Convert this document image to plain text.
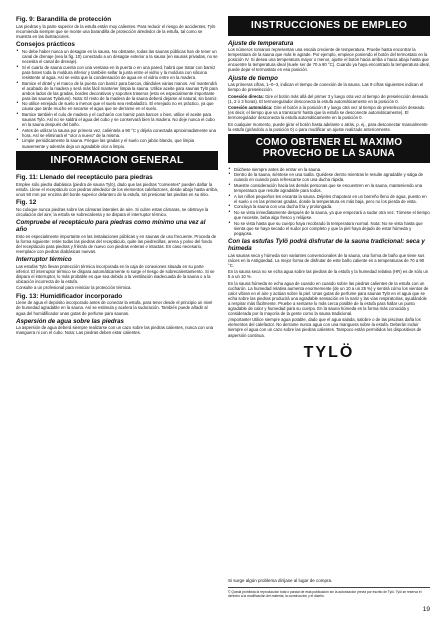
Fig. 9: Barandilla de protección

Las piedras y la parte superior de la estufa están muy calientes. Para reducir el riesgo de accidentes, Tylö recomienda siempre que se monte una barandilla de protección alrededor de la estufa, tal como se muestra en las ilustraciones.

Consejos prácticos
• No debe haber nunca un desagüe en la sauna. No obstante, todas las saunas públicas han de tener un canal de drenaje (vea la fig. 10) conectado a un desagüe exterior a la sauna (en saunas privadas, no se necesita el canal de drenaje).
• Si el cuarto de sauna cuenta con una ventana en la puerta o en una pared, habrá que tratar con barniz para botes toda la moldura inferior y también sellar la junta entre el vidrio y la moldura con silicona resistente al agua. Así se evita que la condensación de agua en el vidrio entre en la madera.
• Barnice el dintel y el marco de la puerta con barniz para barcos, dándoles varias manos. Así mantendrá el acabado de la madera y será más fácil mantener limpia la sauna. Utilice aceite para saunas Tylö para ambos lados de las gradas, bordes decorativos y soportes traseros (esto es especialmente importante para las saunas Tylarium). Nota: El resto de la madera de la sauna deberá dejarse al natural, sin barniz.
• No utilice enrejado de suelo a menos que el suelo sea resbaladizo. El enrejado no es práctico, ya que causa que tarde mucho en secarse el agua que se derrame en el suelo.
• Barnice también el culo de madera y el cucharón con barniz para barcos o bien, utilice el aceite para saunas Tylö. Así no se saldrá el agua del cubo y se conservará bien la madera. No deje nunca el cubo en la sauna después del baño.
• Antes de utilizar la sauna por primera vez, caliéntela a 90 °C y déjela conectada aproximadamente una hora. Así se eliminará el "olor a nuevo" de la misma.
• Limpie periódicamente la sauna. Friegue las gradas y el suelo con jabón blando, que limpia suavemente y además deja un agradable olor a limpio.
INFORMACION GENERAL
Fig. 11: Llenado del receptáculo para piedras

Emplee sólo piedra diabásica (piedra de sauna Tylö), dado que las piedras "comientes" pueden dañar la estufa. Llene el receptáculo con piedras alrededor de los elementos calefactores, desde abajo hasta arriba, unos 50 mm por encima del borde superior delantero de la estufa, sin presionar las piedras en su sitio.

Fig. 12

No coloque nunca piedras sobre las cámaras laterales de aire. Si cubre estas cámaras, se obstruye la circulación del aire; la estufa se sobrecalienta y se dispara el interruptor térmico.

Compruebe el receptáculo para piedras como mínimo una vez al año

Esto es especialmente importante en las instalaciones públicas y en saunas de uso frecuente. Proceda de la forma siguiente: retire todas las piedras del receptáculo, quite las piedrecillas, arena y polvo del fondo del receptáculo para piedras y friéralo de nuevo con piedras enteras e intactas. En caso necesario, reemplace con piedras diabásicas nuevas.

Interruptor térmico

Las estufas Tylö llevan protección térmica incorporada en la caja de conexiones situada en su parte inferior. El interruptor térmico se dispara automáticamente si surge el riesgo de sobrecalentamiento. Si se dispara el interruptor, lo más probable es que sea debido a la ventilación inadecuada de la sauna o a la ubicación incorrecta de la estufa.

Consulte a un profesional para reiniciar la protección térmica.

Fig. 13: Humidificador incorporado

Llene de agua el depósito incorporado antes de conectar la estufa, para tener desde el principio un nivel de humedad agradable en la sauna. Así se estimula y acelera la sudoración. También puede añadir al agua del humidificador unas gotas de perfume para saunas.

Aspersión de agua sobre las piedras

La aspersión de agua deberá siempre realizarse con un cazo sobre las piedras calientes, nunca con una manguera ni con el cubo. Nota: Las piedras deben estar calientes.

INSTRUCCIONES DE EMPLEO
Ajuste de temperatura

Los números romanos representan una escala creciente de temperatura. Pruebe hasta encontrar la temperatura de la sauna que más le agrade. Por ejemplo, empiece poniendo el botón del termostato en la posición IV. Si desea una temperatura mayor o menor, ajuste el botón hacia arriba o hacia abajo hasta que encuentre la temperatura ideal (suele ser de 70 a 90 °C). Cuando ya haya encontrado la temperatura ideal, puede dejar el termostato en esa posición.

Ajuste de tiempo

Las primeras cifras, 1–0–3, indican el tiempo de conexión de la sauna. Las 9 cifras siguientes indican el tiempo de preselección.

Conexión directa: Gire el botón más allá del primer 3 y luego otra vez al tiempo de preselección deseado (1, 2 ó 3 horas). El termoregulador desconecta la estufa automáticamente en la posición 0.

Conexión automática: Gire el botón a la posición 9 y luego otra vez al tiempo de preselección deseado (es decir, el tiempo que va a transcurrir hasta que la estufa se desconecte automáticamente). El termoregulador desconecta la estufa automáticamente en la posición 0.

En cualquier momento, puede girar el botón hasta adelante o atrás, p. ej., para desconectar manualmente la estufa (girándolo a la posición 0) o para modificar un ajuste realizado anteriormente.

COMO OBTENER EL MAXIMO
PROVECHO DE LA SAUNA
• Dúchese siempre antes de entrar en la sauna.
• Dentro de la sauna, siéntese en una toalla. Quédese dentro mientras le resulte agradable y salga de cuando en cuando para refrescarse con una ducha rápida.
• Muestre consideración hacia las demás personas que se encuentren en la sauna, manteniendo una temperatura que resulte agradable para todos.
• A los niños pequeños les encanta la sauna. Déjeles chapotear en un barreño lleno de agua, puesto en el suelo o en las primeras gradas, donde la temperatura es más baja, pero no los pierda de vista.
• Concluya la sauna con una ducha fría y prolongada.
• No se vista inmediatamente después de la sauna, ya que empezará a sudar otra vez. Tómese el tiempo que necesite, beba algo fresco y relájese.
• No se vista hasta que su cuerpo haya recobrado la temperatura normal. Nota: No se vista hasta que sienta que se haya secado el sudor por completo y que la piel haya dejado de estar húmeda y pegajosa.
Con las estufas Tylö podrá disfrutar de la sauna tradicional: seca y húmeda

Las saunas seca y húmeda son variantes convencionales de la sauna, una forma de baño que tiene sus raíces en la Antigüedad. La mejor forma de disfrutar de este baño caliente es a temperaturas de 70 a 90 °C.

En la sauna seca no se echa agua sobre las piedras de la estufa y la humedad relativa (HR) es de sólo un 5 a un 10 %.

En la sauna húmeda se echa agua de cuando en cuando sobre las piedras calientes de la estufa con un cucharón. La humedad relativa aumenta enormemente (de un 10 a un 25 %) y sentirá cómo los vientos de calor vibran en el aire y actúan sobre la piel. Unas gotas de perfume para saunas Tylö en el agua que se echa sobre las piedras producirá una agradable sensación en la nariz y las vías respiratorias, ayudándole a respirar más fácilmente. Pruebe a sentarse lo más cerca posible de la estufa para hallar un punto agradable de calor y humedad para su cuerpo. En la sauna húmeda es la forma más conocida y considerada por la mayoría de la gente como la sauna tradicional.

¡Importante! Utilice siempre agua potable, dado que el agua salada, salobre o de las piscinas daña los elementos del calefactor. No derrame nunca agua con una manguera sobre la estufa. Deberán incluir siempre el agua con un cazo sobre las piedras calientes. Tampoco están permitidos los dispositivos de aspersión continua.

TYLÖ
Si surge algún problema diríjase al lugar de compra.
© Queda prohibida la reproducción total o parcial de esta publicación sin la autorización previa por escrito de Tylö. Tylö se reserva el derecho a la modificación del material, la construcción y el diseño.
19
